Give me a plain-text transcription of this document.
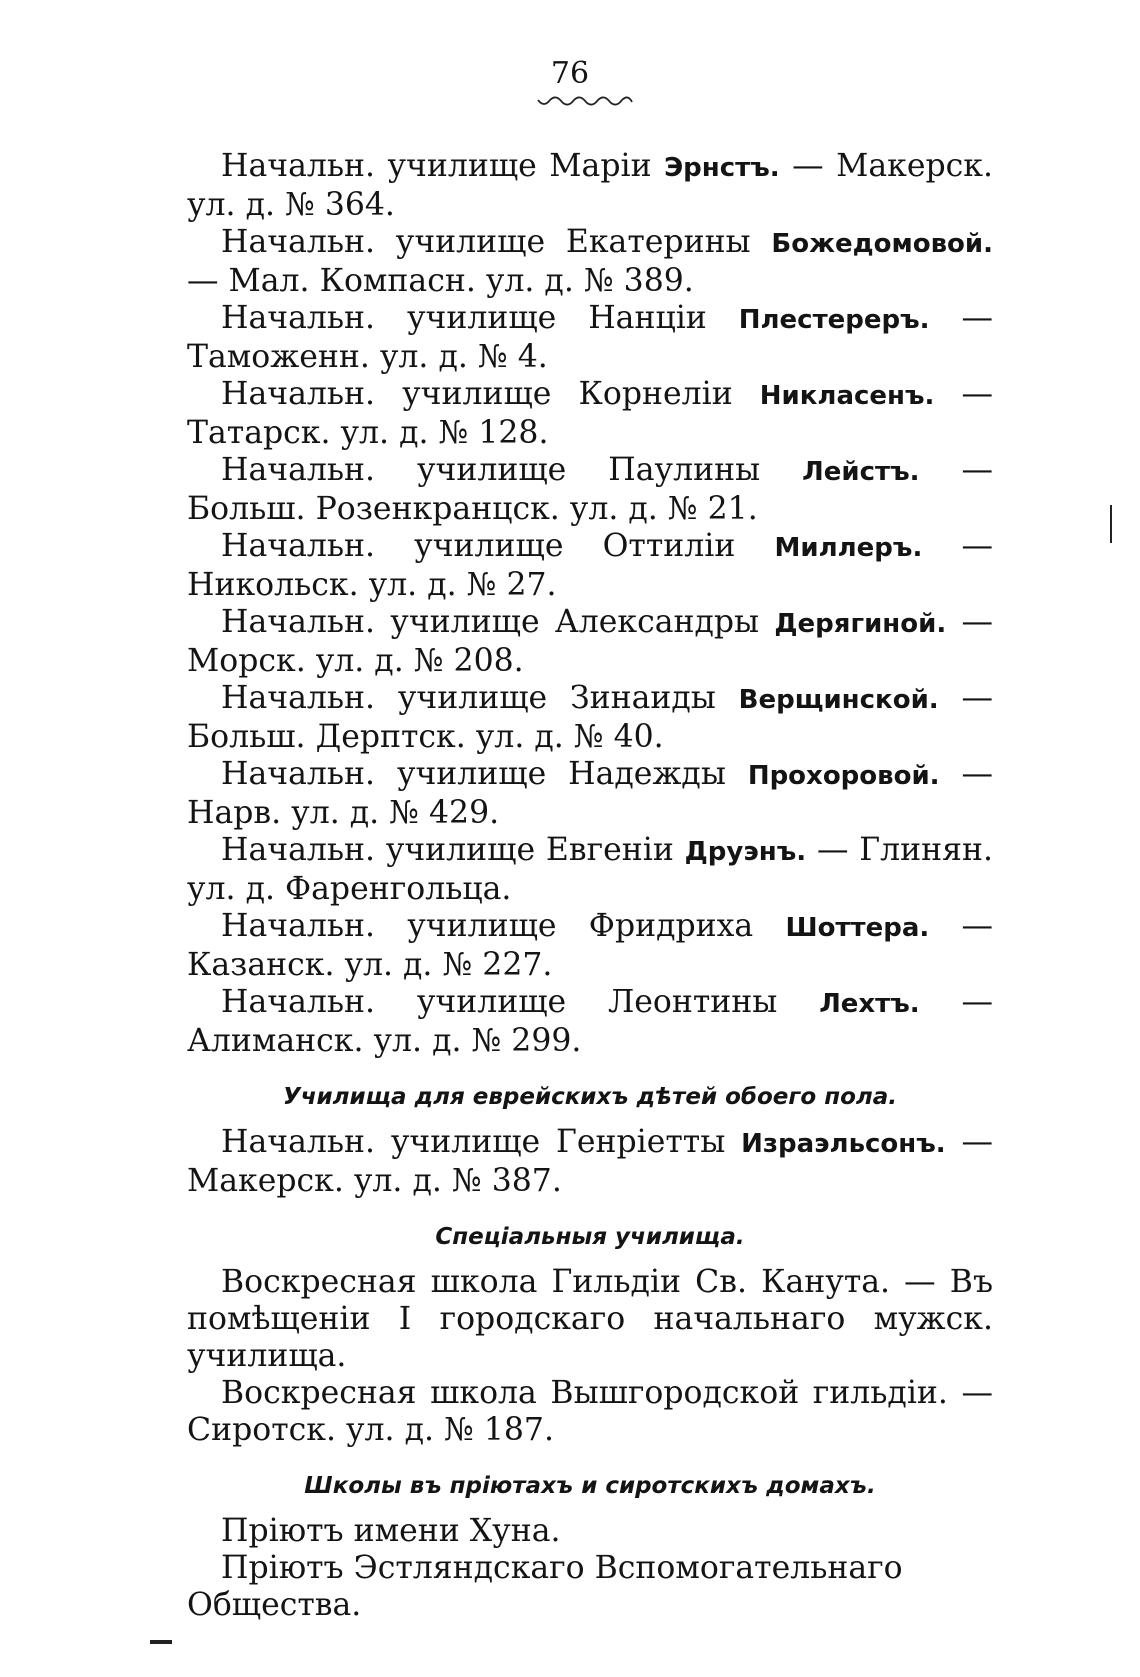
76

Начальн. училище Маріи Эрнстъ. — Макерск. ул. д. № 364.

Начальн. училище Екатерины Божедомовой. — Мал. Компасн. ул. д. № 389.

Начальн. училище Нанціи Плестереръ. — Таможенн. ул. д. № 4.

Начальн. училище Корнеліи Никласенъ. — Татарск. ул. д. № 128.

Начальн. училище Паулины Лейстъ. — Больш. Розенкранцск. ул. д. № 21.

Начальн. училище Оттиліи Миллеръ. — Никольск. ул. д. № 27.

Начальн. училище Александры Дерягиной. — Морск. ул. д. № 208.

Начальн. училище Зинаиды Верщинской. — Больш. Дерптск. ул. д. № 40.

Начальн. училище Надежды Прохоровой. — Нарв. ул. д. № 429.

Начальн. училище Евгеніи Друэнъ. — Глинян. ул. д. Фаренгольца.

Начальн. училище Фридриха Шоттера. — Казанск. ул. д. № 227.

Начальн. училище Леонтины Лехтъ. — Алиманск. ул. д. № 299.

Училища для еврейскихъ дѣтей обоего пола.

Начальн. училище Генріетты Израэльсонъ. — Макерск. ул. д. № 387.

Спеціальныя училища.

Воскресная школа Гильдіи Св. Канута. — Въ помѣщеніи I городскаго начальнаго мужск. училища.

Воскресная школа Вышгородской гильдіи. — Сиротск. ул. д. № 187.

Школы въ пріютахъ и сиротскихъ домахъ.

Пріютъ имени Хуна.

Пріютъ Эстляндскаго Вспомогательнаго Общества.
